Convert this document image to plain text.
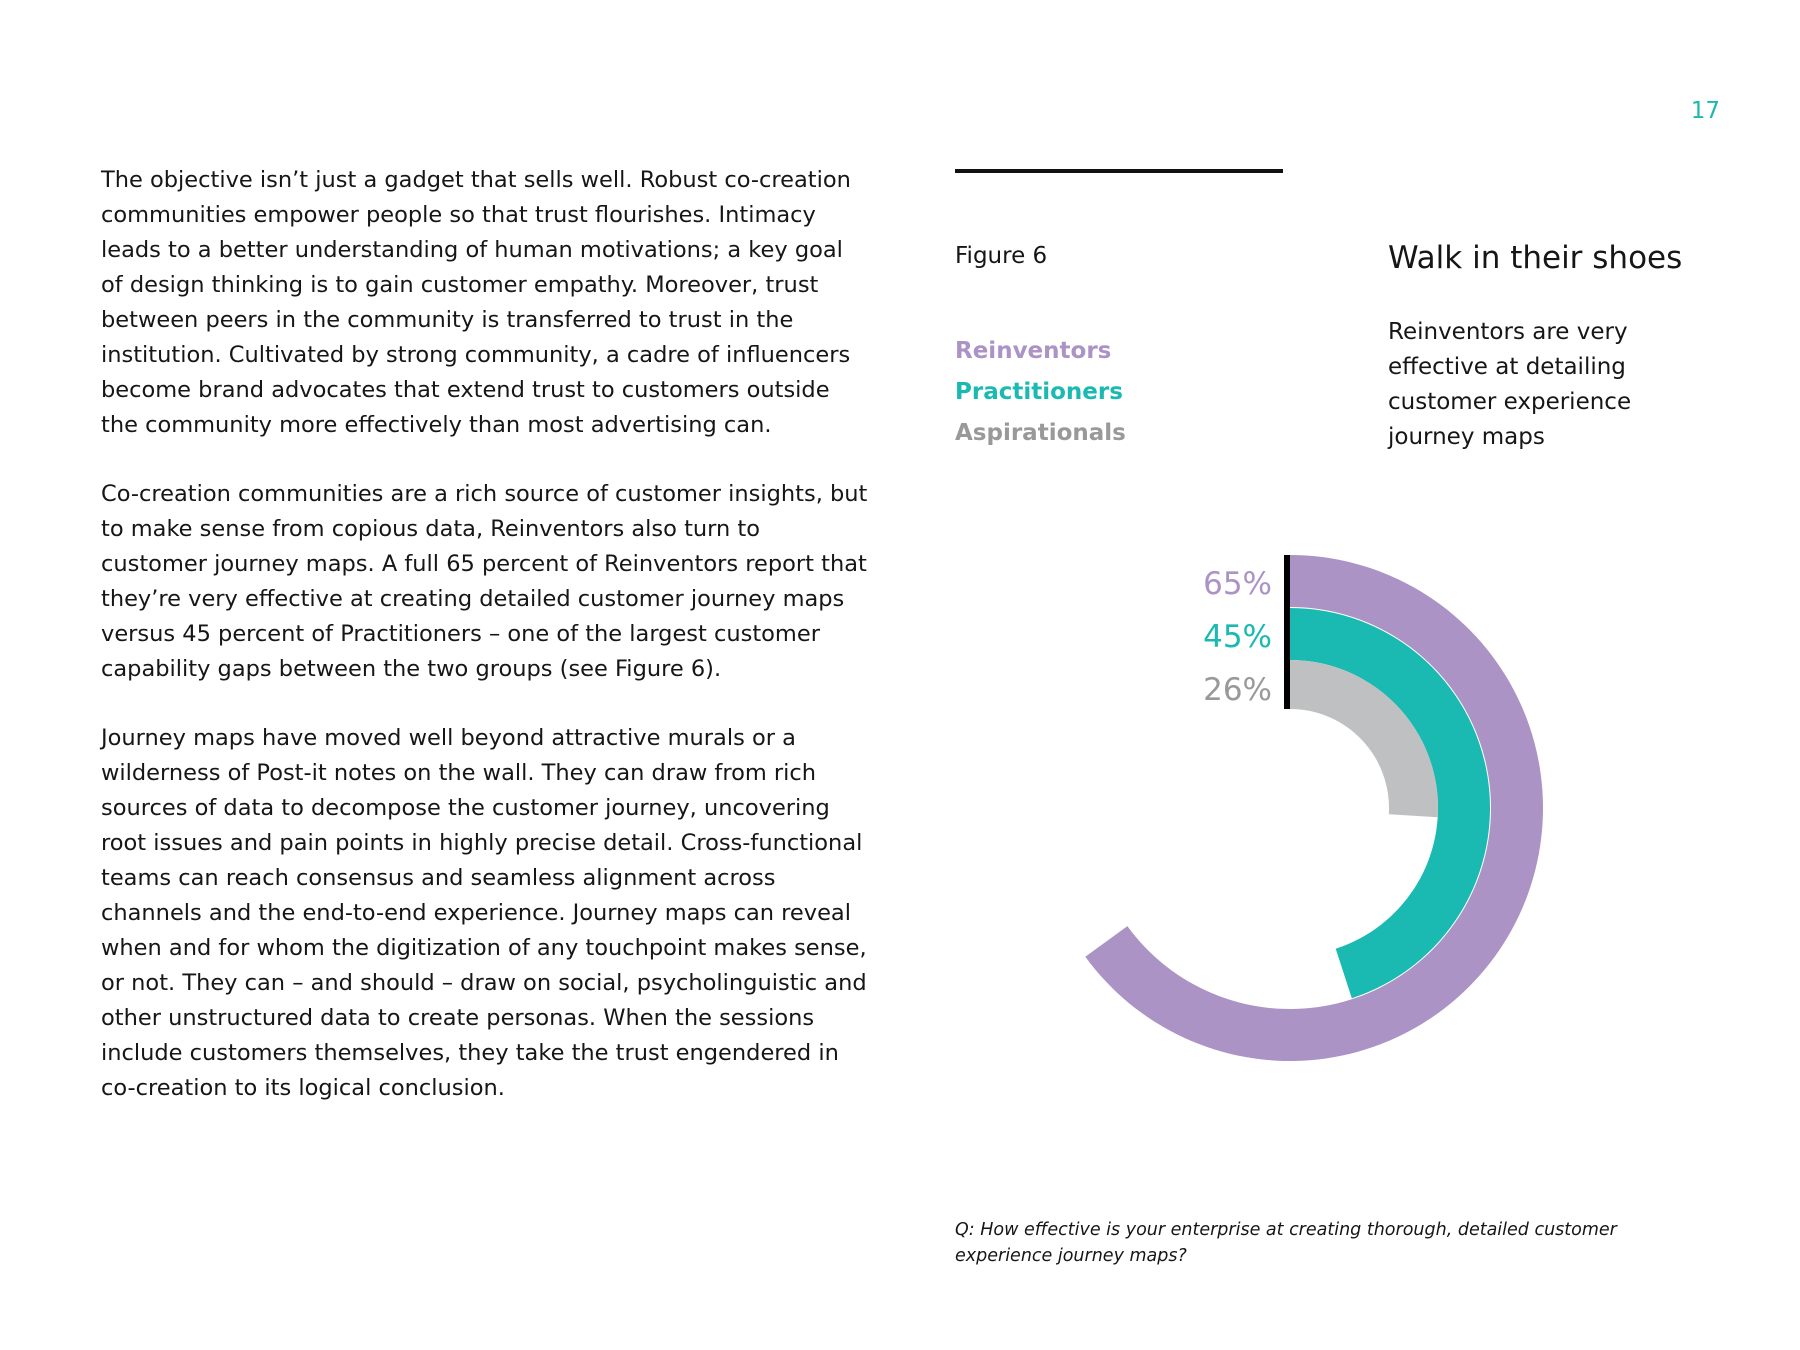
17

The objective isn’t just a gadget that sells well. Robust co-creation communities empower people so that trust flourishes. Intimacy leads to a better understanding of human motivations; a key goal of design thinking is to gain customer empathy. Moreover, trust between peers in the community is transferred to trust in the institution. Cultivated by strong community, a cadre of influencers become brand advocates that extend trust to customers outside the community more effectively than most advertising can.

Co-creation communities are a rich source of customer insights, but to make sense from copious data, Reinventors also turn to customer journey maps. A full 65 percent of Reinventors report that they’re very effective at creating detailed customer journey maps versus 45 percent of Practitioners – one of the largest customer capability gaps between the two groups (see Figure 6).

Journey maps have moved well beyond attractive murals or a wilderness of Post-it notes on the wall. They can draw from rich sources of data to decompose the customer journey, uncovering root issues and pain points in highly precise detail. Cross-functional teams can reach consensus and seamless alignment across channels and the end-to-end experience. Journey maps can reveal when and for whom the digitization of any touchpoint makes sense, or not. They can – and should – draw on social, psycholinguistic and other unstructured data to create personas. When the sessions include customers themselves, they take the trust engendered in co-creation to its logical conclusion.

Figure 6
Reinventors
Practitioners
Aspirationals
Walk in their shoes
Reinventors are very effective at detailing customer experience journey maps
65%
45%
26%
Q: How effective is your enterprise at creating thorough, detailed customer experience journey maps?
